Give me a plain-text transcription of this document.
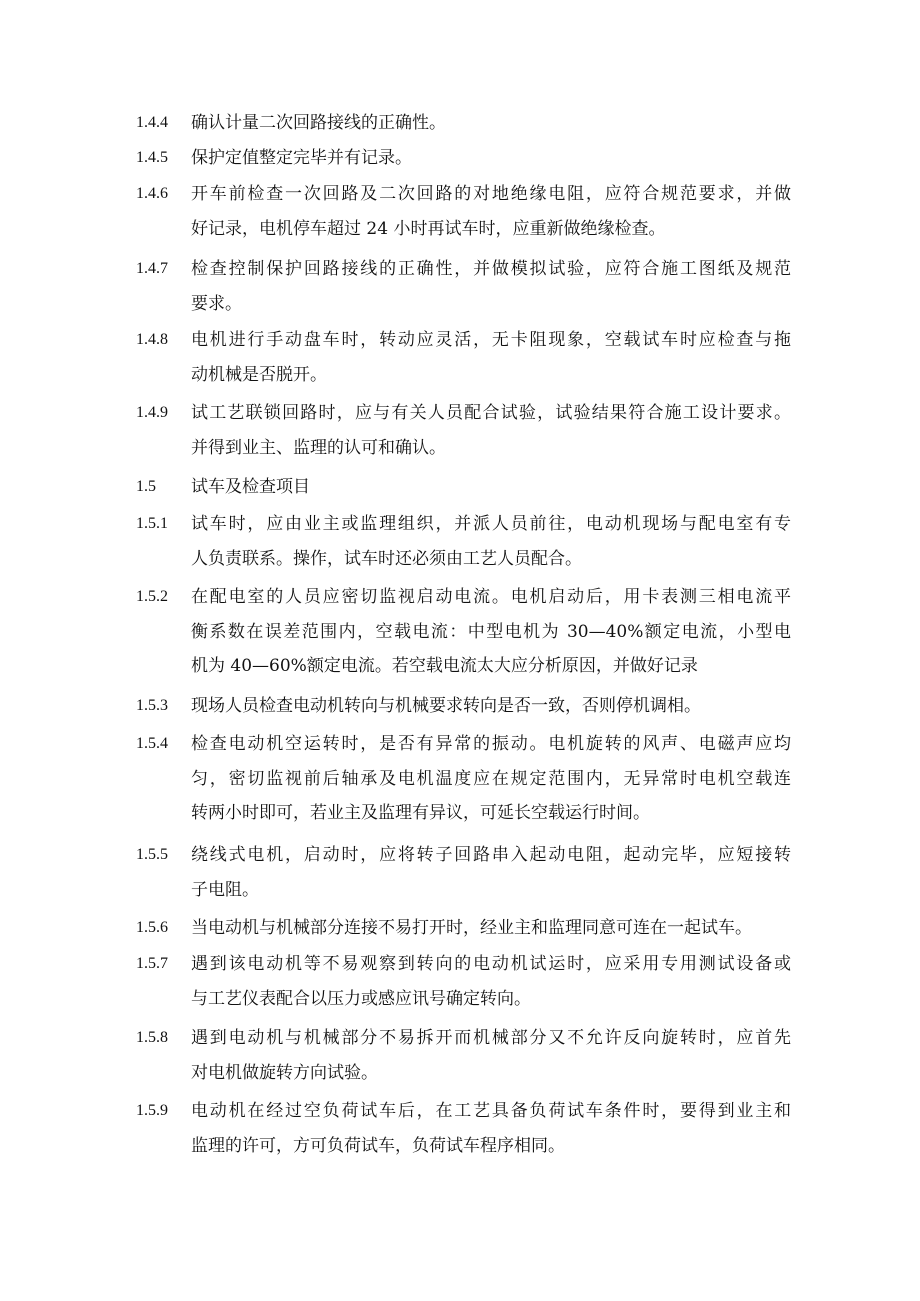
1.4.4 确认计量二次回路接线的正确性。
1.4.5 保护定值整定完毕并有记录。
1.4.6 开车前检查一次回路及二次回路的对地绝缘电阻，应符合规范要求，并做
好记录，电机停车超过 24 小时再试车时，应重新做绝缘检查。
1.4.7 检查控制保护回路接线的正确性，并做模拟试验，应符合施工图纸及规范
要求。
1.4.8 电机进行手动盘车时，转动应灵活，无卡阻现象，空载试车时应检查与拖
动机械是否脱开。
1.4.9 试工艺联锁回路时，应与有关人员配合试验，试验结果符合施工设计要求。
并得到业主、监理的认可和确认。
1.5 试车及检查项目
1.5.1 试车时，应由业主或监理组织，并派人员前往，电动机现场与配电室有专
人负责联系。操作，试车时还必须由工艺人员配合。
1.5.2 在配电室的人员应密切监视启动电流。电机启动后，用卡表测三相电流平
衡系数在误差范围内，空载电流：中型电机为 30—40%额定电流，小型电
机为 40—60%额定电流。若空载电流太大应分析原因，并做好记录
1.5.3 现场人员检查电动机转向与机械要求转向是否一致，否则停机调相。
1.5.4 检查电动机空运转时，是否有异常的振动。电机旋转的风声、电磁声应均
匀，密切监视前后轴承及电机温度应在规定范围内，无异常时电机空载连
转两小时即可，若业主及监理有异议，可延长空载运行时间。
1.5.5 绕线式电机，启动时，应将转子回路串入起动电阻，起动完毕，应短接转
子电阻。
1.5.6 当电动机与机械部分连接不易打开时，经业主和监理同意可连在一起试车。
1.5.7 遇到该电动机等不易观察到转向的电动机试运时，应采用专用测试设备或
与工艺仪表配合以压力或感应讯号确定转向。
1.5.8 遇到电动机与机械部分不易拆开而机械部分又不允许反向旋转时，应首先
对电机做旋转方向试验。
1.5.9 电动机在经过空负荷试车后，在工艺具备负荷试车条件时，要得到业主和
监理的许可，方可负荷试车，负荷试车程序相同。
